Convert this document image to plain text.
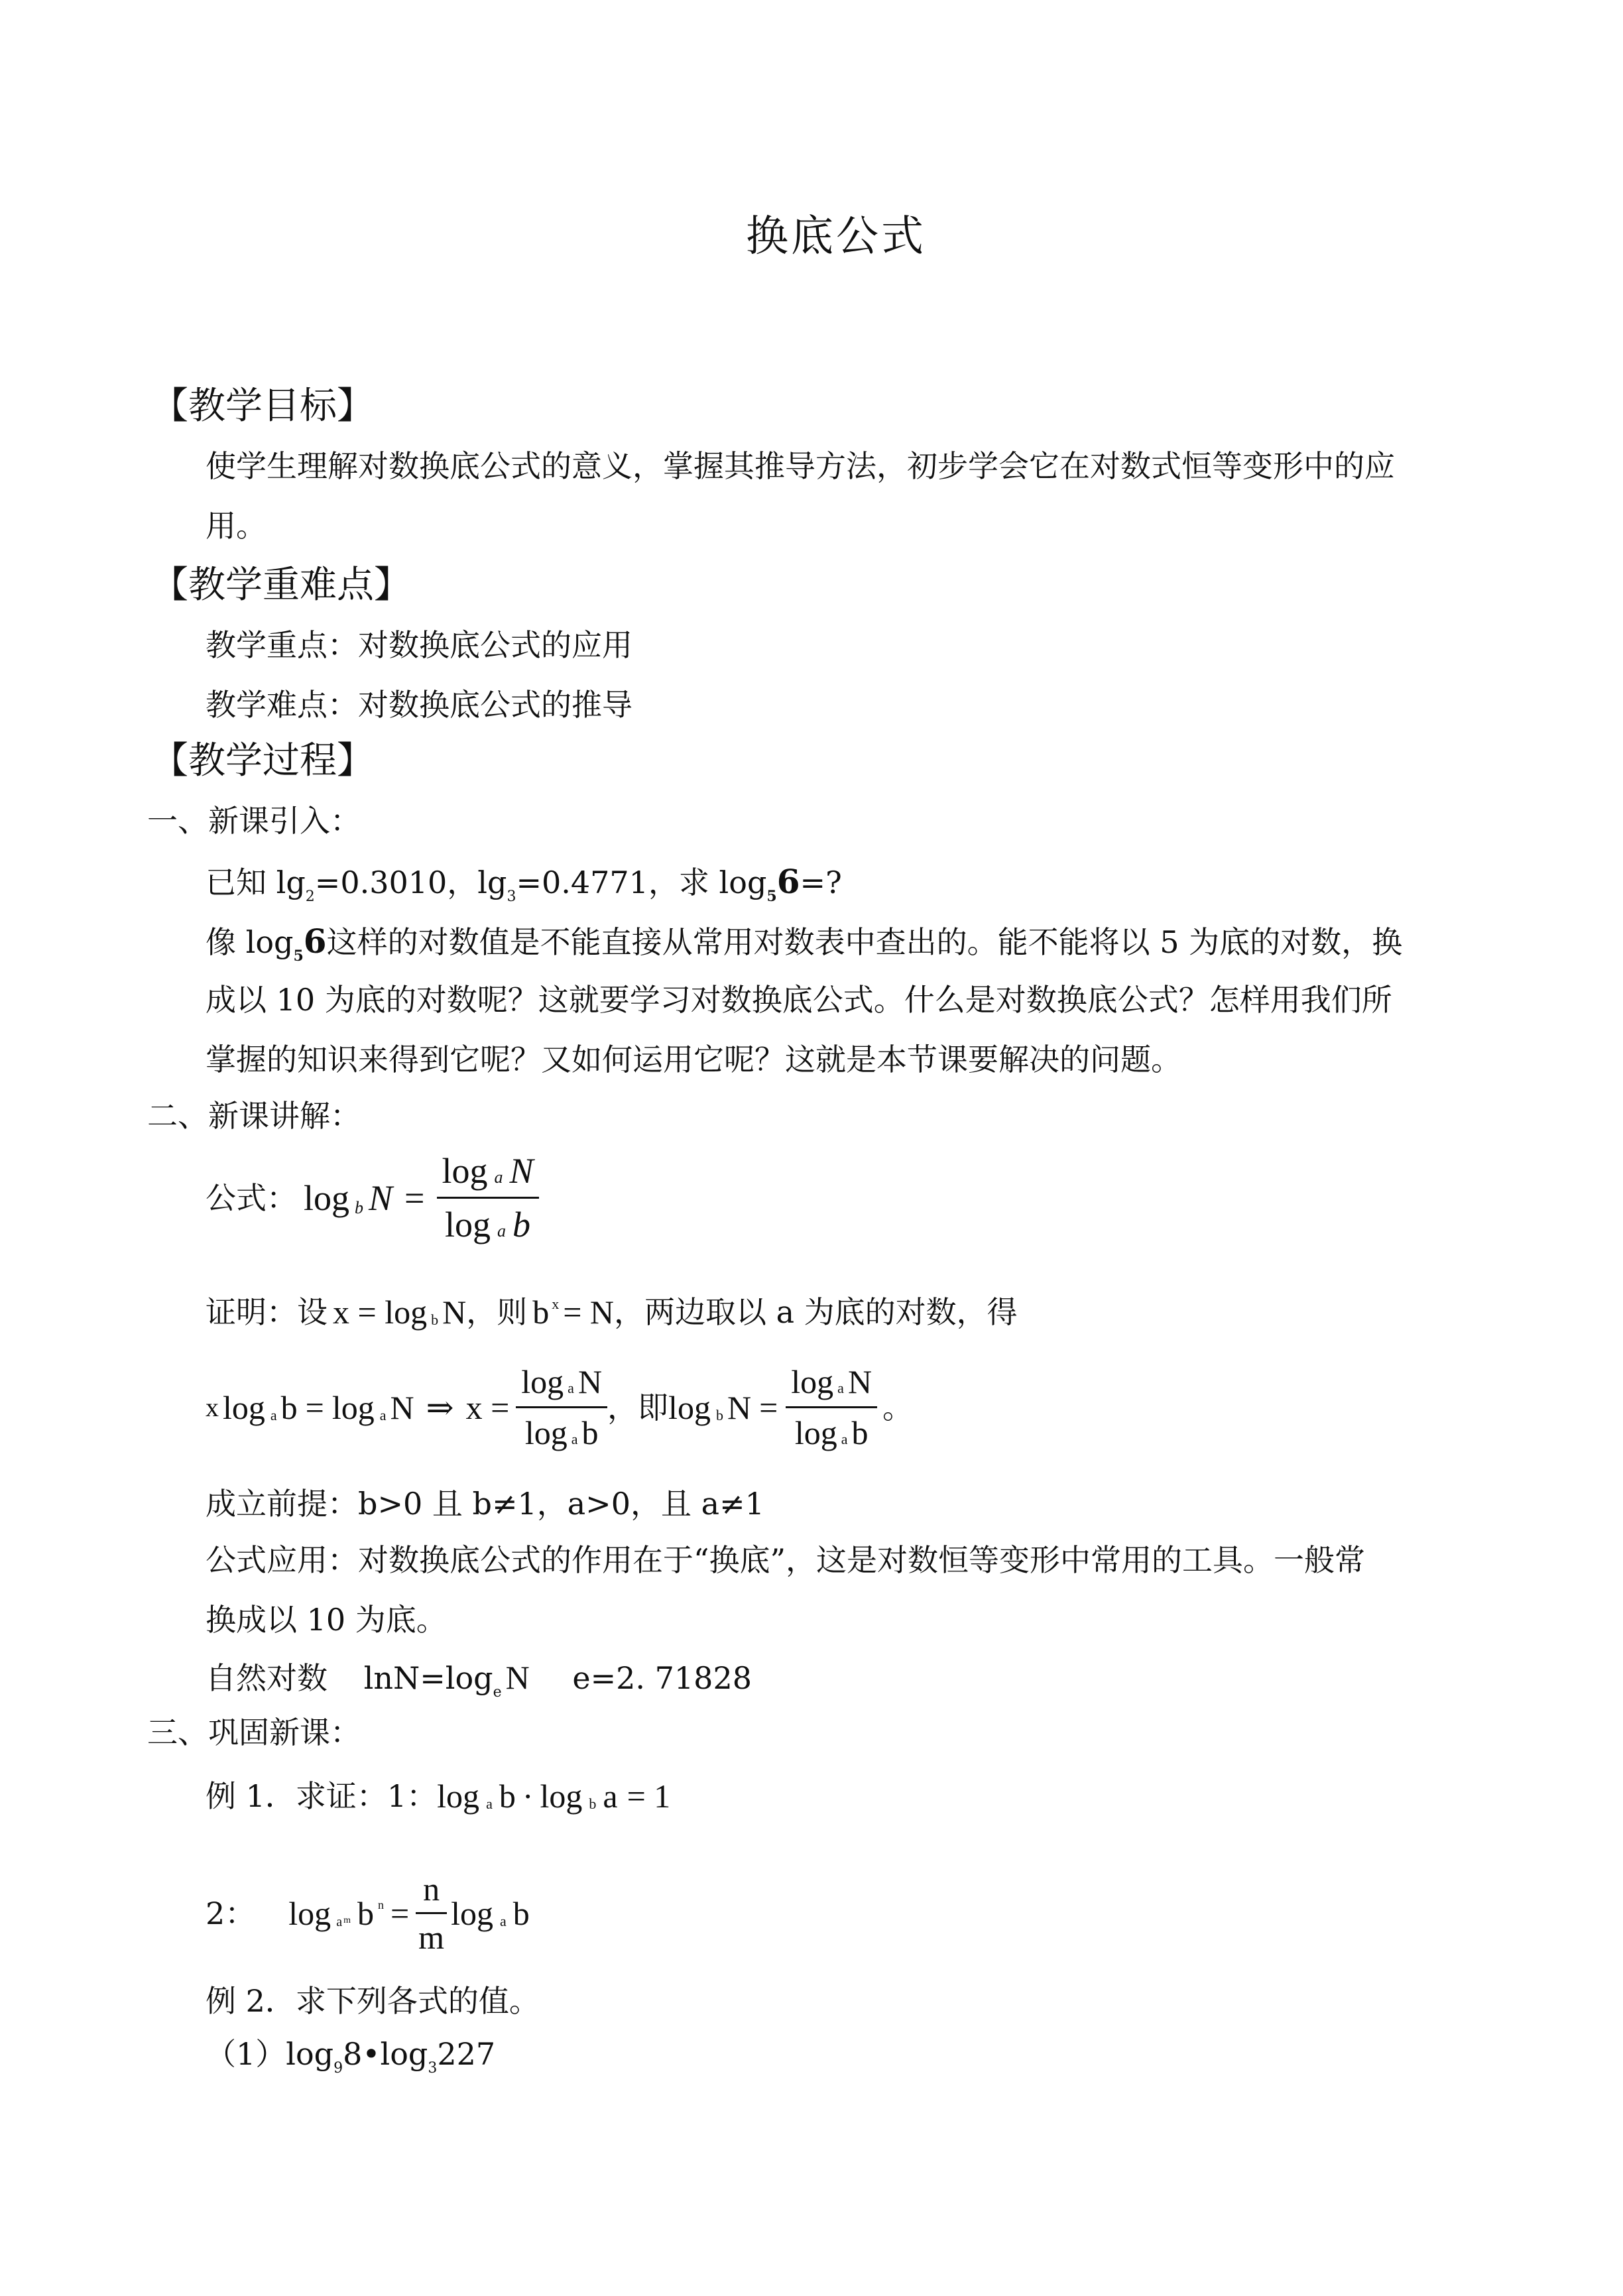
换底公式
【教学目标】
使学生理解对数换底公式的意义，掌握其推导方法，初步学会它在对数式恒等变形中的应
用。
【教学重难点】
教学重点：对数换底公式的应用
教学难点：对数换底公式的推导
【教学过程】
一、新课引入：
已知 $\lg_2=0.3010$，$\lg_3=0.4771$，求 $\log_56=$?
像 $\log_56$这样的对数值是不能直接从常用对数表中查出的。能不能将以 5 为底的对数，换
成以 10 为底的对数呢？这就要学习对数换底公式。什么是对数换底公式？怎样用我们所
掌握的知识来得到它呢？又如何运用它呢？这就是本节课要解决的问题。
二、新课讲解：
公式： log b $N = \frac{\text{log a N}}{\text{log a b}}$
证明：设 x = log b N ，则 b x = N ，两边取以 a 为底的对数，得
x log a b = log a N ⇒ $x = \frac{\text{log a N}}{\text{log a b}}$ ，即 log b $N = \frac{\text{log a N}}{\text{log a b}}$ 。
成立前提：b>0 且 b≠1，a>0，且 a≠1
公式应用：对数换底公式的作用在于“换底”，这是对数恒等变形中常用的工具。一般常
换成以 10 为底。
自然对数 $\ln N=\log_e$ N e=2. 71828
三、巩固新课：
例 1．求证：1： log a b · log b a = 1
2： log a m b $n = \frac{n}{m}$ log a b
例 2．求下列各式的值。
$(1)\log_98•\log_3227$
